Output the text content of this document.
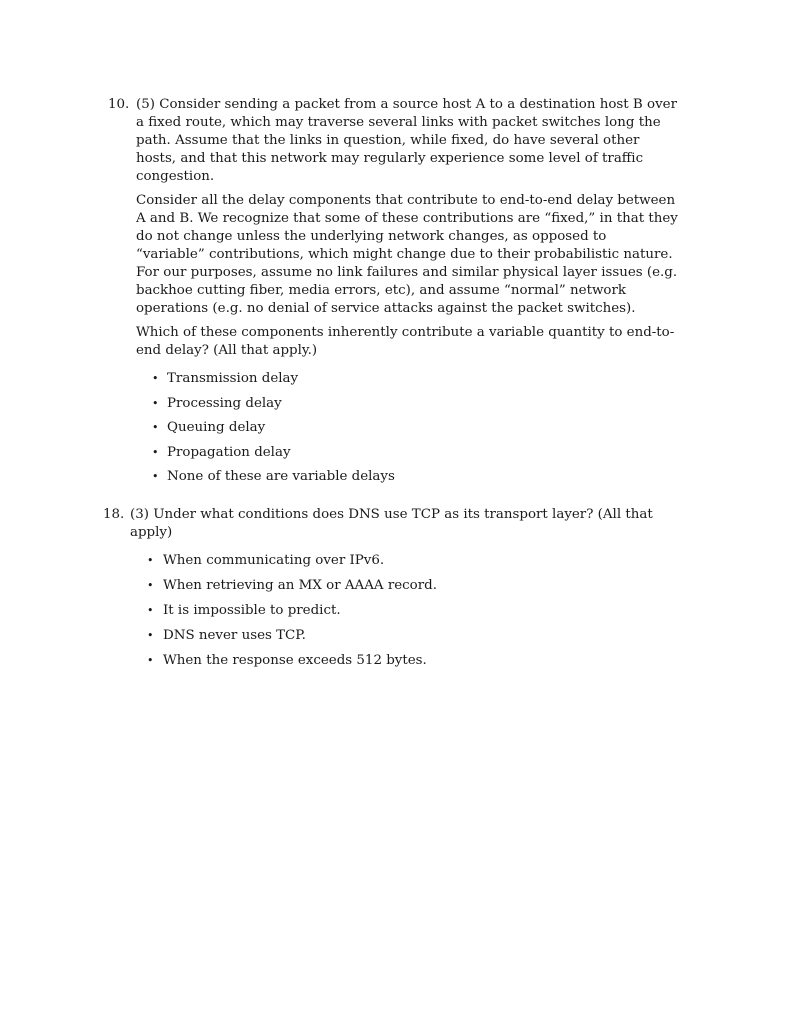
10. (5) Consider sending a packet from a source host A to a destination host B over a fixed route, which may traverse several links with packet switches long the path. Assume that the links in question, while fixed, do have several other hosts, and that this network may regularly experience some level of traffic congestion.

Consider all the delay components that contribute to end-to-end delay between A and B. We recognize that some of these contributions are “fixed,” in that they do not change unless the underlying network changes, as opposed to “variable” contributions, which might change due to their probabilistic nature. For our purposes, assume no link failures and similar physical layer issues (e.g. backhoe cutting fiber, media errors, etc), and assume “normal” network operations (e.g. no denial of service attacks against the packet switches).

Which of these components inherently contribute a variable quantity to end-to-end delay? (All that apply.)

• Transmission delay
• Processing delay
• Queuing delay
• Propagation delay
• None of these are variable delays
18. (3) Under what conditions does DNS use TCP as its transport layer? (All that apply)

• When communicating over IPv6.
• When retrieving an MX or AAAA record.
• It is impossible to predict.
• DNS never uses TCP.
• When the response exceeds 512 bytes.
